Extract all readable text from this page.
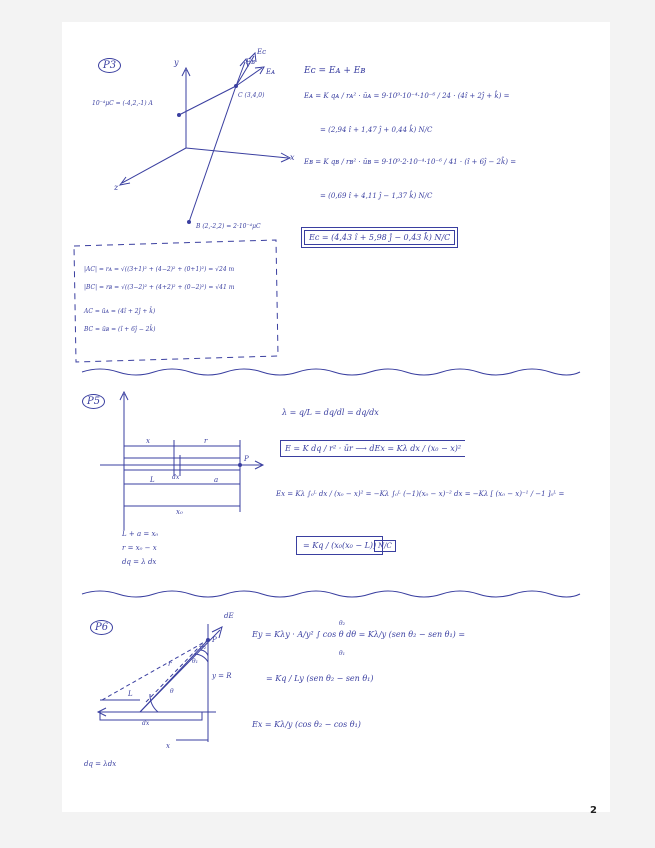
P3	y
x
z
10⁻⁴μC = (-4,2,-1) A
C (3,4,0)
B (2,-2,2) = 2·10⁻⁴μC
Eᴄ
Eᴀ
Eʙ
Eᴄ = Eᴀ + Eʙ
Eᴀ = K qᴀ / rᴀ² · ūᴀ = 9·10⁹·10⁻⁴·10⁻⁶ / 24 · (4î + 2ĵ + k̂) =
= (2,94 î + 1,47 ĵ + 0,44 k̂) N/C
Eʙ = K qʙ / rʙ² · ūʙ = 9·10⁹·2·10⁻⁴·10⁻⁶ / 41 · (î + 6ĵ − 2k̂) =
= (0,69 î + 4,11 ĵ − 1,37 k̂) N/C
Eᴄ = (4,43 î + 5,98 ĵ − 0,43 k̂) N/C
|AC| = rᴀ = √((3+1)² + (4−2)² + (0+1)²) = √24 m
|BC| = rʙ = √((3−2)² + (4+2)² + (0−2)²) = √41 m
AC = ūᴀ = (4î + 2ĵ + k̂)
BC = ūʙ = (î + 6ĵ − 2k̂)
P5
x	r
dx
L	a
x₀
P
λ = q/L = dq/dl = dq/dx
E = K dq / r² · ūr ⟶ dEx = Kλ dx / (x₀ − x)²
Ex = Kλ ∫₀ᴸ dx / (x₀ − x)² = −Kλ ∫₀ᴸ (−1)(x₀ − x)⁻² dx = −Kλ [ (x₀ − x)⁻¹ / −1 ]₀ᴸ =
= Kq / (x₀(x₀ − L)) N/C
L + a = x₀
r = x₀ − x
dq = λ dx
P6
dE
P
r
θ
θ₁
θ₂
y = R
L
dx
x
Ey = Kλy · A/y² ∫ cos θ dθ = Kλ/y (sen θ₂ − sen θ₁) =
θ₂
θ₁
= Kq / Ly (sen θ₂ − sen θ₁)
Ex = Kλ/y (cos θ₂ − cos θ₁)
dq = λdx
2
